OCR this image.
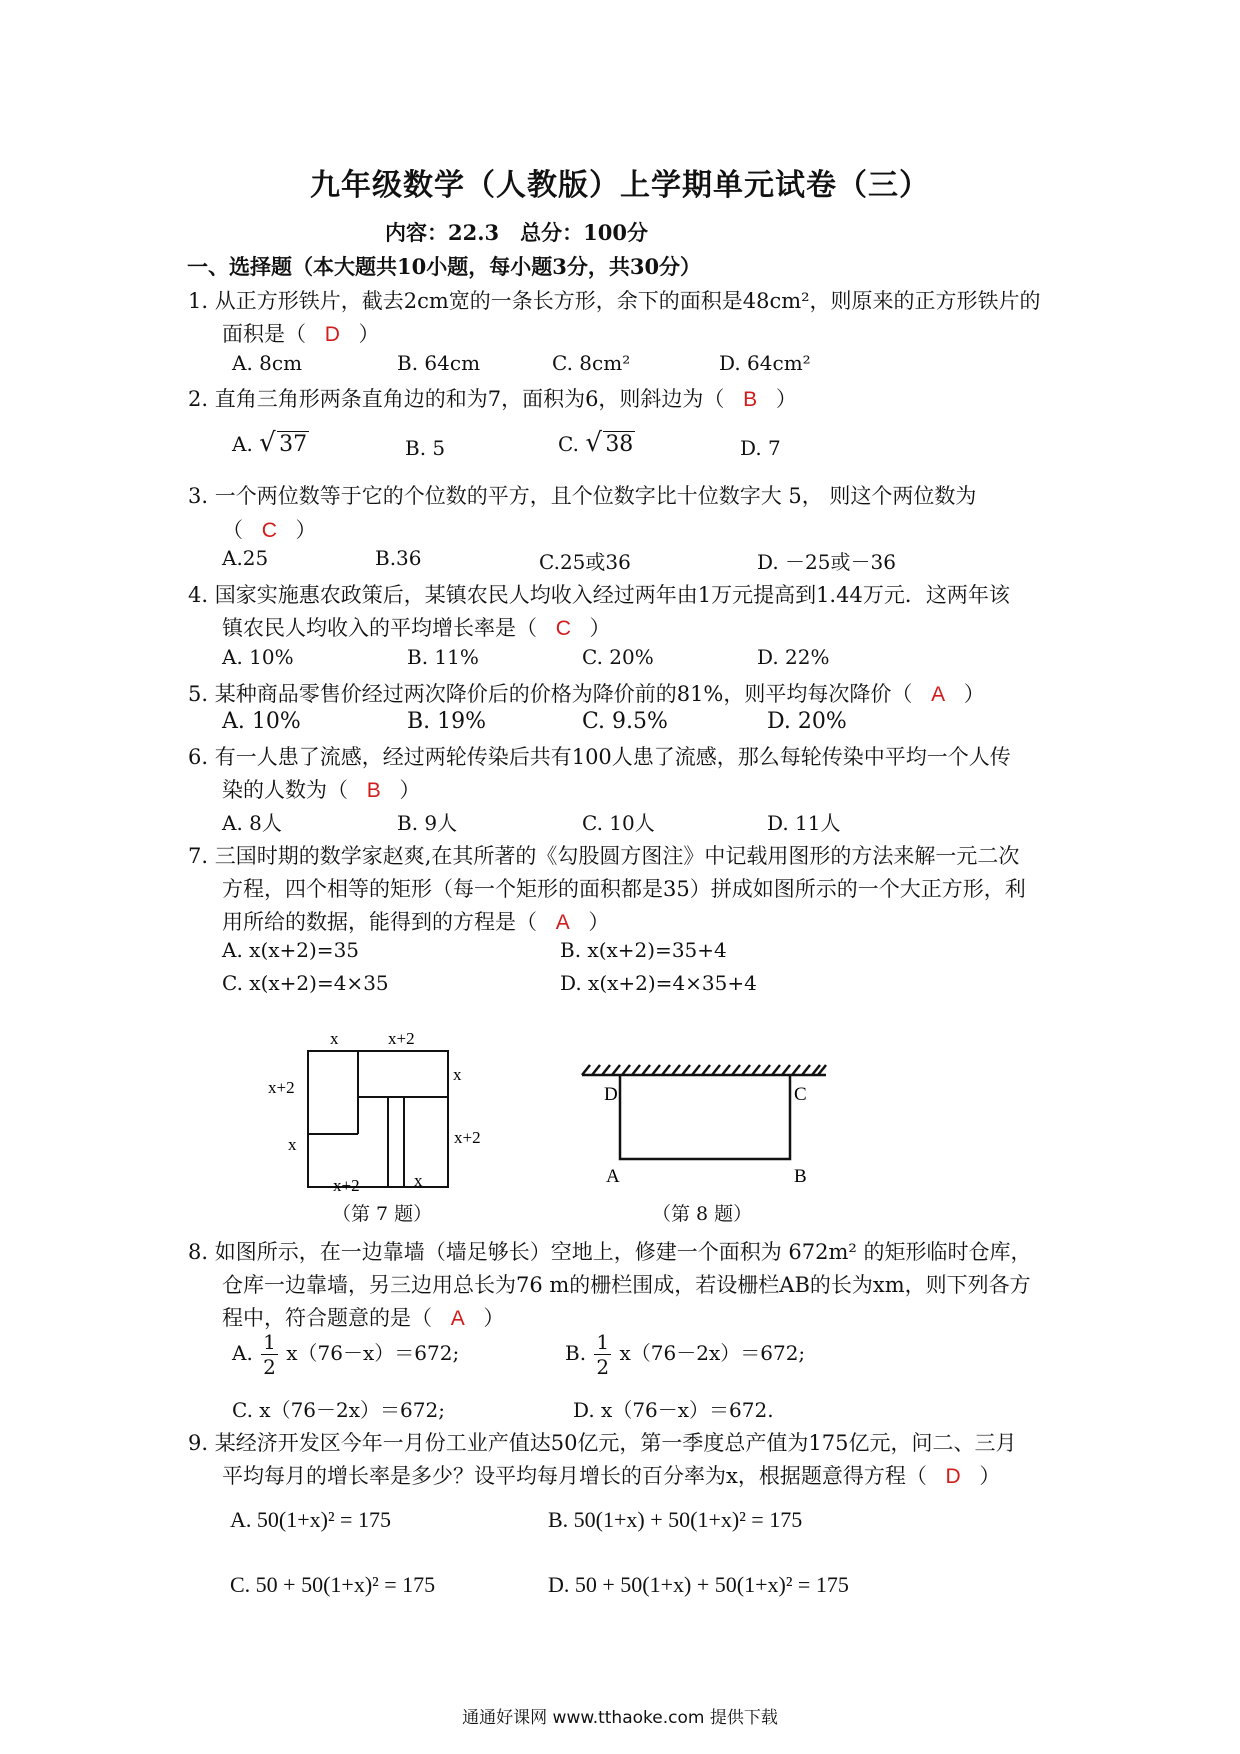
九年级数学（人教版）上学期单元试卷（三）
内容：22.3　总分：100分
一、选择题（本大题共10小题，每小题3分，共30分）
1. 从正方形铁片，截去2cm宽的一条长方形，余下的面积是48cm²，则原来的正方形铁片的
面积是（ D ）
A. 8cm	B. 64cm	C. 8cm²	D. 64cm²
2. 直角三角形两条直角边的和为7，面积为6，则斜边为（ B ）
A. √ 37	B. 5	C. √ 38	D. 7
3. 一个两位数等于它的个位数的平方，且个位数字比十位数字大 5， 则这个两位数为
（ C ）
A.25	B.36	C.25或36	D. －25或－36
4. 国家实施惠农政策后，某镇农民人均收入经过两年由1万元提高到1.44万元．这两年该
镇农民人均收入的平均增长率是（ C ）
A. 10%	B. 11%	C. 20%	D. 22%
5. 某种商品零售价经过两次降价后的价格为降价前的81%，则平均每次降价（ A ）
A. 10%	B. 19%	C. 9.5%	D. 20%
6. 有一人患了流感，经过两轮传染后共有100人患了流感，那么每轮传染中平均一个人传
染的人数为（ B ）
A. 8人	B. 9人	C. 10人	D. 11人
7. 三国时期的数学家赵爽,在其所著的《勾股圆方图注》中记载用图形的方法来解一元二次
方程，四个相等的矩形（每一个矩形的面积都是35）拼成如图所示的一个大正方形，利
用所给的数据，能得到的方程是（ A ）
A. x(x+2)=35	B. x(x+2)=35+4
C. x(x+2)=4×35	D. x(x+2)=4×35+4
x	x+2
x
x+2
x	x+2
x+2	x
（第 7 题）
D	C
A	B
（第 8 题）
8. 如图所示，在一边靠墙（墙足够长）空地上，修建一个面积为 672m² 的矩形临时仓库，
仓库一边靠墙，另三边用总长为76 m的栅栏围成，若设栅栏AB的长为xm，则下列各方
程中，符合题意的是（ A ）
A. $\frac{1}{2} x(76-x)=672$;	B. $\frac{1}{2} x(76-2x)=672$;
C. x（76－2x）＝672;	D. x（76－x）＝672.
9. 某经济开发区今年一月份工业产值达50亿元，第一季度总产值为175亿元，问二、三月
平均每月的增长率是多少？设平均每月增长的百分率为x，根据题意得方程（ D ）
A. 50(1+x)² = 175	B. 50(1+x) + 50(1+x)² = 175
C. 50 + 50(1+x)² = 175	D. 50 + 50(1+x) + 50(1+x)² = 175
通通好课网 www.tthaoke.com 提供下载
